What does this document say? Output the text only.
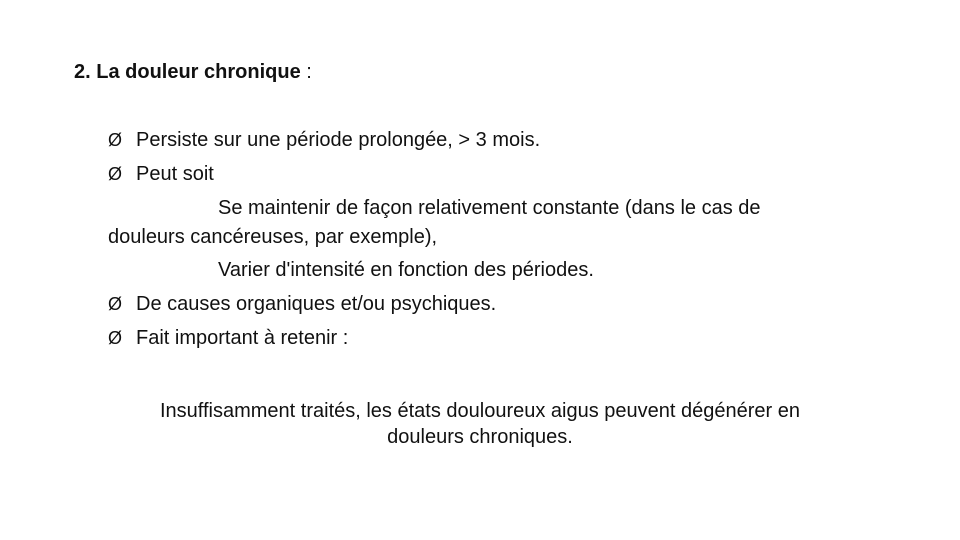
2. La douleur chronique :
Ø Persiste sur une période prolongée, > 3 mois.
Ø Peut soit
Se maintenir de façon relativement constante (dans le cas de
douleurs cancéreuses, par exemple),
Varier d'intensité en fonction des périodes.
Ø De causes organiques et/ou psychiques.
Ø Fait important à retenir :
Insuffisamment traités, les états douloureux aigus peuvent dégénérer en
douleurs chroniques.
